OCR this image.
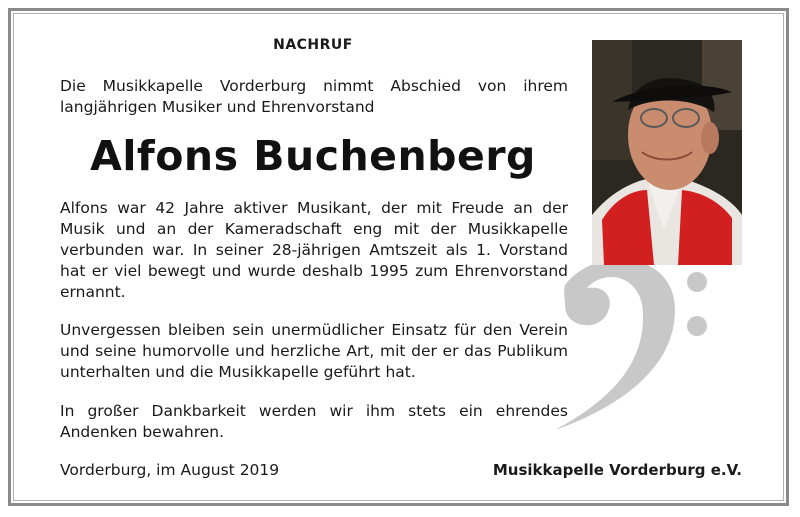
NACHRUF
Die Musikkapelle Vorderburg nimmt Abschied von ihrem langjährigen Musiker und Ehrenvorstand
Alfons Buchenberg
Alfons war 42 Jahre aktiver Musikant, der mit Freude an der Musik und an der Kameradschaft eng mit der Musikkapelle verbunden war. In seiner 28-jährigen Amtszeit als 1. Vorstand hat er viel bewegt und wurde deshalb 1995 zum Ehrenvorstand ernannt.
Unvergessen bleiben sein unermüdlicher Einsatz für den Verein und seine humorvolle und herzliche Art, mit der er das Publikum unterhalten und die Musikkapelle geführt hat.
In großer Dankbarkeit werden wir ihm stets ein ehrendes Andenken bewahren.
Vorderburg, im August 2019	Musikkapelle Vorderburg e.V.
